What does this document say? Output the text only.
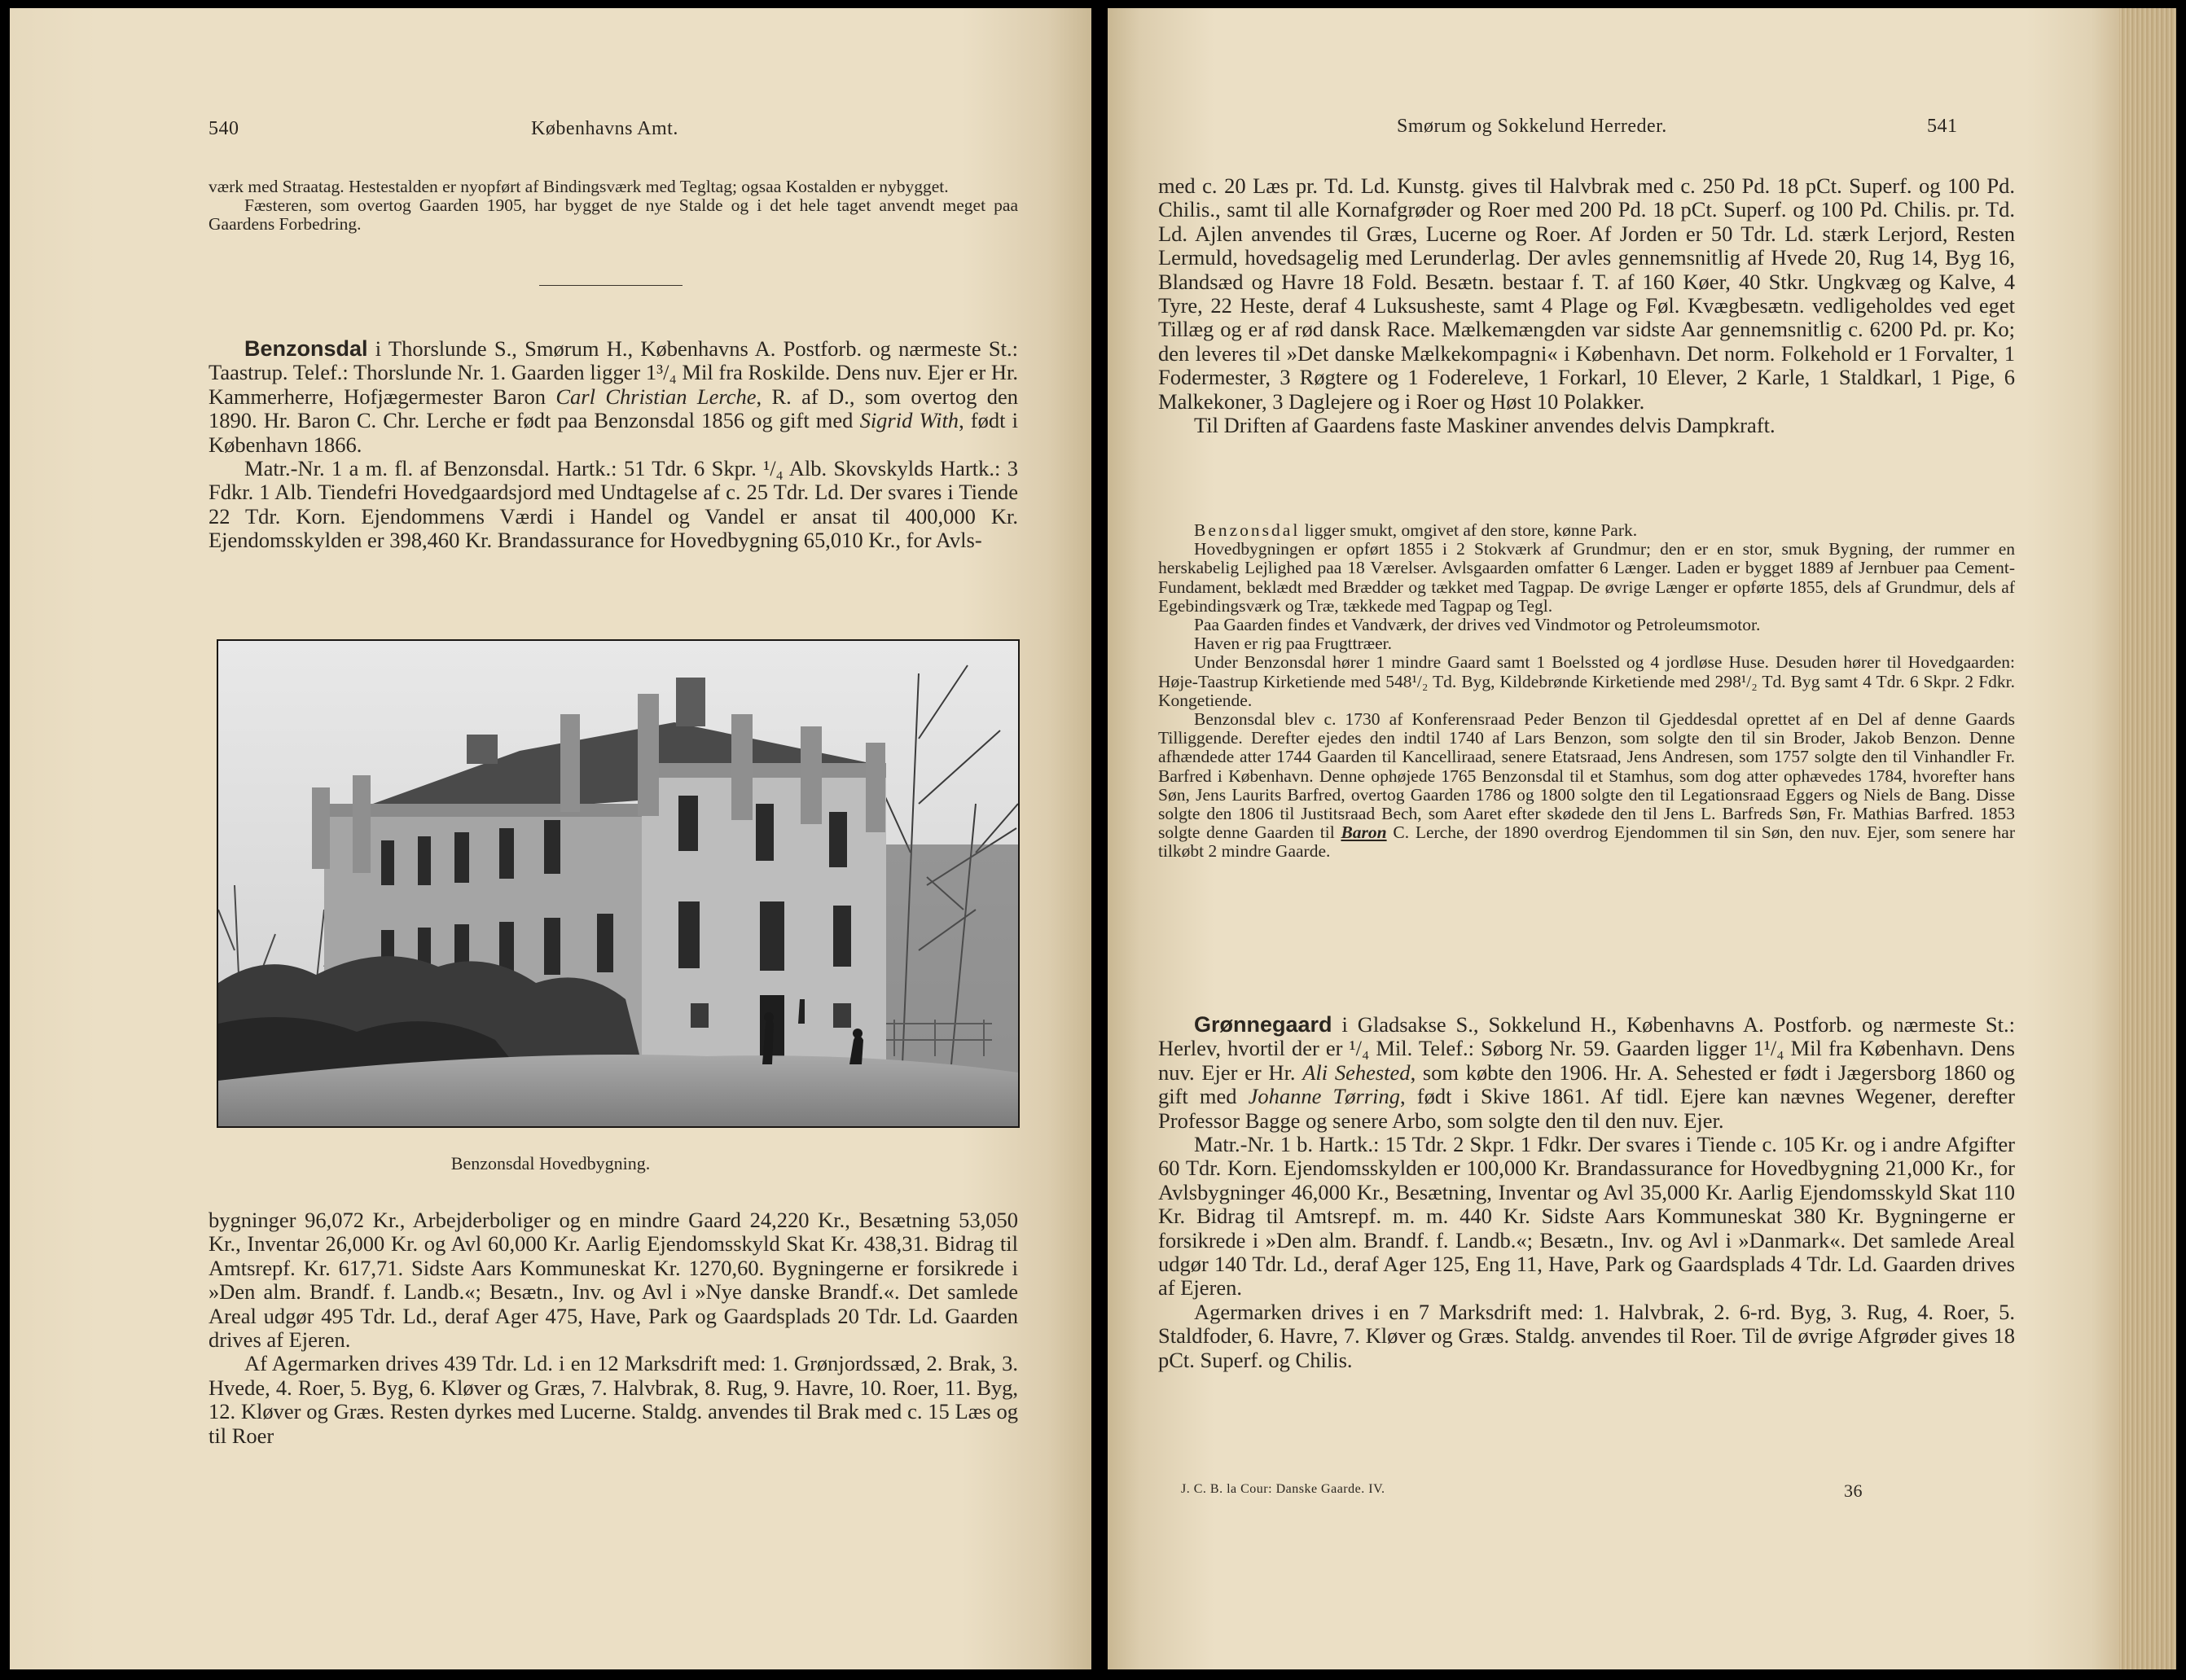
540	Københavns Amt.

værk med Straatag. Hestestalden er nyopført af Bindingsværk med Tegltag; ogsaa Kostalden er nybygget.

Fæsteren, som overtog Gaarden 1905, har bygget de nye Stalde og i det hele taget anvendt meget paa Gaardens Forbedring.

Benzonsdal i Thorslunde S., Smørum H., Københavns A. Postforb. og nærmeste St.: Taastrup. Telef.: Thorslunde Nr. 1. Gaarden ligger 1³/₄ Mil fra Roskilde. Dens nuv. Ejer er Hr. Kammerherre, Hofjægermester Baron Carl Christian Lerche, R. af D., som overtog den 1890. Hr. Baron C. Chr. Lerche er født paa Benzonsdal 1856 og gift med Sigrid With, født i København 1866.

Matr.-Nr. 1 a m. fl. af Benzonsdal. Hartk.: 51 Tdr. 6 Skpr. ¹/₄ Alb. Skovskylds Hartk.: 3 Fdkr. 1 Alb. Tiendefri Hovedgaardsjord med Undtagelse af c. 25 Tdr. Ld. Der svares i Tiende 22 Tdr. Korn. Ejendommens Værdi i Handel og Vandel er ansat til 400,000 Kr. Ejendomsskylden er 398,460 Kr. Brandassurance for Hovedbygning 65,010 Kr., for Avls-

Benzonsdal Hovedbygning.

bygninger 96,072 Kr., Arbejderboliger og en mindre Gaard 24,220 Kr., Besætning 53,050 Kr., Inventar 26,000 Kr. og Avl 60,000 Kr. Aarlig Ejendomsskyld Skat Kr. 438,31. Bidrag til Amtsrepf. Kr. 617,71. Sidste Aars Kommuneskat Kr. 1270,60. Bygningerne er forsikrede i »Den alm. Brandf. f. Landb.«; Besætn., Inv. og Avl i »Nye danske Brandf.«. Det samlede Areal udgør 495 Tdr. Ld., deraf Ager 475, Have, Park og Gaardsplads 20 Tdr. Ld. Gaarden drives af Ejeren.

Af Agermarken drives 439 Tdr. Ld. i en 12 Marksdrift med: 1. Grønjordssæd, 2. Brak, 3. Hvede, 4. Roer, 5. Byg, 6. Kløver og Græs, 7. Halvbrak, 8. Rug, 9. Havre, 10. Roer, 11. Byg, 12. Kløver og Græs. Resten dyrkes med Lucerne. Staldg. anvendes til Brak med c. 15 Læs og til Roer

Smørum og Sokkelund Herreder.	541

med c. 20 Læs pr. Td. Ld. Kunstg. gives til Halvbrak med c. 250 Pd. 18 pCt. Superf. og 100 Pd. Chilis., samt til alle Kornafgrøder og Roer med 200 Pd. 18 pCt. Superf. og 100 Pd. Chilis. pr. Td. Ld. Ajlen anvendes til Græs, Lucerne og Roer. Af Jorden er 50 Tdr. Ld. stærk Lerjord, Resten Lermuld, hovedsagelig med Lerunderlag. Der avles gennemsnitlig af Hvede 20, Rug 14, Byg 16, Blandsæd og Havre 18 Fold. Besætn. bestaar f. T. af 160 Køer, 40 Stkr. Ungkvæg og Kalve, 4 Tyre, 22 Heste, deraf 4 Luksusheste, samt 4 Plage og Føl. Kvægbesætn. vedligeholdes ved eget Tillæg og er af rød dansk Race. Mælkemængden var sidste Aar gennemsnitlig c. 6200 Pd. pr. Ko; den leveres til »Det danske Mælkekompagni« i København. Det norm. Folkehold er 1 Forvalter, 1 Fodermester, 3 Røgtere og 1 Fodereleve, 1 Forkarl, 10 Elever, 2 Karle, 1 Staldkarl, 1 Pige, 6 Malkekoner, 3 Daglejere og i Roer og Høst 10 Polakker.

Til Driften af Gaardens faste Maskiner anvendes delvis Dampkraft.

Benzonsdal ligger smukt, omgivet af den store, kønne Park.

Hovedbygningen er opført 1855 i 2 Stokværk af Grundmur; den er en stor, smuk Bygning, der rummer en herskabelig Lejlighed paa 18 Værelser. Avlsgaarden omfatter 6 Længer. Laden er bygget 1889 af Jernbuer paa Cement-Fundament, beklædt med Brædder og tækket med Tagpap. De øvrige Længer er opførte 1855, dels af Grundmur, dels af Egebindingsværk og Træ, tækkede med Tagpap og Tegl.

Paa Gaarden findes et Vandværk, der drives ved Vindmotor og Petroleumsmotor.

Haven er rig paa Frugttræer.

Under Benzonsdal hører 1 mindre Gaard samt 1 Boelssted og 4 jordløse Huse. Desuden hører til Hovedgaarden: Høje-Taastrup Kirketiende med 548¹/₂ Td. Byg, Kildebrønde Kirketiende med 298¹/₂ Td. Byg samt 4 Tdr. 6 Skpr. 2 Fdkr. Kongetiende.

Benzonsdal blev c. 1730 af Konferensraad Peder Benzon til Gjeddesdal oprettet af en Del af denne Gaards Tilliggende. Derefter ejedes den indtil 1740 af Lars Benzon, som solgte den til sin Broder, Jakob Benzon. Denne afhændede atter 1744 Gaarden til Kancelliraad, senere Etatsraad, Jens Andresen, som 1757 solgte den til Vinhandler Fr. Barfred i København. Denne ophøjede 1765 Benzonsdal til et Stamhus, som dog atter ophævedes 1784, hvorefter hans Søn, Jens Laurits Barfred, overtog Gaarden 1786 og 1800 solgte den til Legationsraad Eggers og Niels de Bang. Disse solgte den 1806 til Justitsraad Bech, som Aaret efter skødede den til Jens L. Barfreds Søn, Fr. Mathias Barfred. 1853 solgte denne Gaarden til Baron C. Lerche, der 1890 overdrog Ejendommen til sin Søn, den nuv. Ejer, som senere har tilkøbt 2 mindre Gaarde.

Grønnegaard i Gladsakse S., Sokkelund H., Københavns A. Postforb. og nærmeste St.: Herlev, hvortil der er ¹/₄ Mil. Telef.: Søborg Nr. 59. Gaarden ligger 1¹/₄ Mil fra København. Dens nuv. Ejer er Hr. Ali Sehested, som købte den 1906. Hr. A. Sehested er født i Jægersborg 1860 og gift med Johanne Tørring, født i Skive 1861. Af tidl. Ejere kan nævnes Wegener, derefter Professor Bagge og senere Arbo, som solgte den til den nuv. Ejer.

Matr.-Nr. 1 b. Hartk.: 15 Tdr. 2 Skpr. 1 Fdkr. Der svares i Tiende c. 105 Kr. og i andre Afgifter 60 Tdr. Korn. Ejendomsskylden er 100,000 Kr. Brandassurance for Hovedbygning 21,000 Kr., for Avlsbygninger 46,000 Kr., Besætning, Inventar og Avl 35,000 Kr. Aarlig Ejendomsskyld Skat 110 Kr. Bidrag til Amtsrepf. m. m. 440 Kr. Sidste Aars Kommuneskat 380 Kr. Bygningerne er forsikrede i »Den alm. Brandf. f. Landb.«; Besætn., Inv. og Avl i »Danmark«. Det samlede Areal udgør 140 Tdr. Ld., deraf Ager 125, Eng 11, Have, Park og Gaardsplads 4 Tdr. Ld. Gaarden drives af Ejeren.

Agermarken drives i en 7 Marksdrift med: 1. Halvbrak, 2. 6-rd. Byg, 3. Rug, 4. Roer, 5. Staldfoder, 6. Havre, 7. Kløver og Græs. Staldg. anvendes til Roer. Til de øvrige Afgrøder gives 18 pCt. Superf. og Chilis.

J. C. B. la Cour: Danske Gaarde. IV.	36
